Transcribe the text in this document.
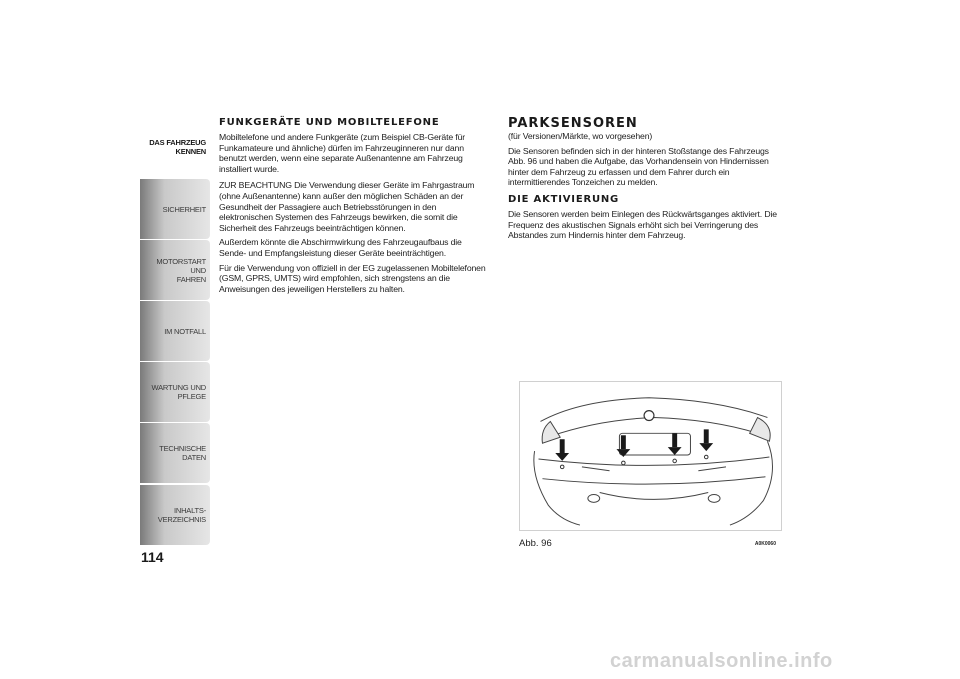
DAS FAHRZEUG
KENNEN
SICHERHEIT
MOTORSTART UND
FAHREN
IM NOTFALL
WARTUNG UND
PFLEGE
TECHNISCHE DATEN
INHALTS-
VERZEICHNIS
114
FUNKGERÄTE UND MOBILTELEFONE

Mobiltelefone und andere Funkgeräte (zum Beispiel CB-Geräte für Funkamateure und ähnliche) dürfen im Fahrzeuginneren nur dann benutzt werden, wenn eine separate Außenantenne am Fahrzeug installiert wurde.

ZUR BEACHTUNG Die Verwendung dieser Geräte im Fahrgastraum (ohne Außenantenne) kann außer den möglichen Schäden an der Gesundheit der Passagiere auch Betriebsstörungen in den elektronischen Systemen des Fahrzeugs bewirken, die somit die Sicherheit des Fahrzeugs beeinträchtigen können.

Außerdem könnte die Abschirmwirkung des Fahrzeugaufbaus die Sende- und Empfangsleistung dieser Geräte beeinträchtigen.

Für die Verwendung von offiziell in der EG zugelassenen Mobiltelefonen (GSM, GPRS, UMTS) wird empfohlen, sich strengstens an die Anweisungen des jeweiligen Herstellers zu halten.

PARKSENSOREN

(für Versionen/Märkte, wo vorgesehen)

Die Sensoren befinden sich in der hinteren Stoßstange des Fahrzeugs Abb. 96 und haben die Aufgabe, das Vorhandensein von Hindernissen hinter dem Fahrzeug zu erfassen und dem Fahrer durch ein intermittierendes Tonzeichen zu melden.

DIE AKTIVIERUNG

Die Sensoren werden beim Einlegen des Rückwärtsganges aktiviert. Die Frequenz des akustischen Signals erhöht sich bei Verringerung des Abstandes zum Hindernis hinter dem Fahrzeug.

Abb. 96	A0K0060
carmanualsonline.info
